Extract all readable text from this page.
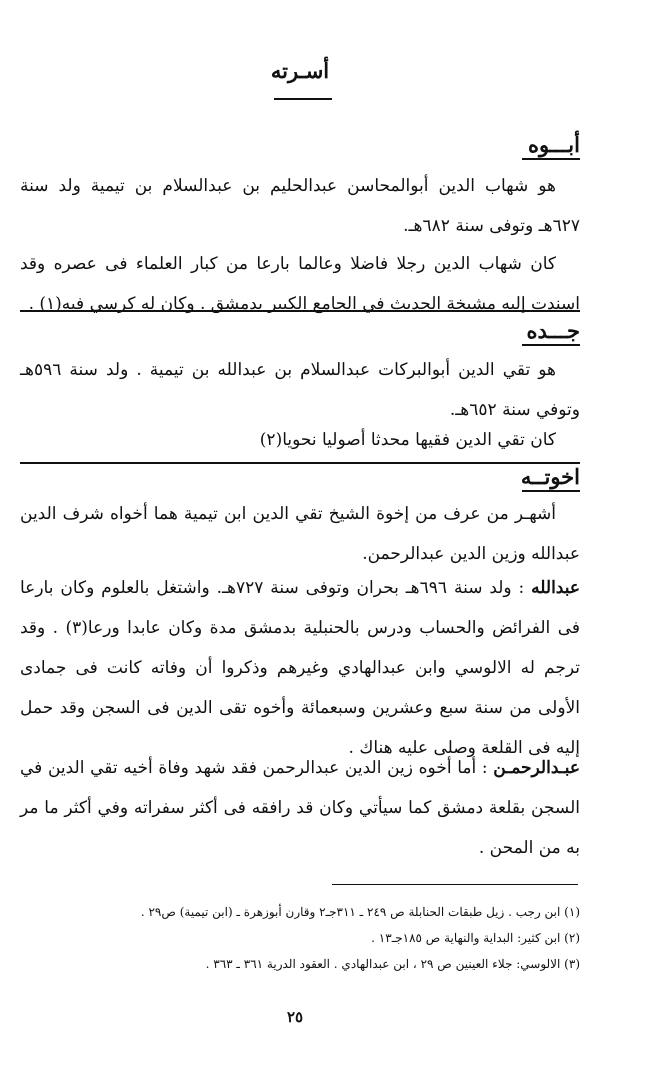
أسـرته
أبـــوه

هو شهاب الدين أبوالمحاسن عبدالحليم بن عبدالسلام بن تيمية ولد سنة ٦٢٧هـ وتوفى سنة ٦٨٢هـ.

كان شهاب الدين رجلا فاضلا وعالما بارعا من كبار العلماء فى عصره وقد اسندت إليه مشيخة الحديث في الجامع الكبير بدمشق . وكان له كرسي فيه(١) .

جـــده

هو تقي الدين أبوالبركات عبدالسلام بن عبدالله بن تيمية . ولد سنة ٥٩٦هـ وتوفي سنة ٦٥٢هـ.

كان تقي الدين فقيها محدثا أصوليا نحويا(٢)

اخوتــه

أشهـر من عرف من إخوة الشيخ تقي الدين ابن تيمية هما أخواه شرف الدين عبدالله وزين الدين عبدالرحمن.

عبدالله : ولد سنة ٦٩٦هـ بحران وتوفى سنة ٧٢٧هـ. واشتغل بالعلوم وكان بارعا فى الفرائض والحساب ودرس بالحنبلية بدمشق مدة وكان عابدا ورعا(٣) . وقد ترجم له الالوسي وابن عبدالهادي وغيرهم وذكروا أن وفاته كانت فى جمادى الأولى من سنة سبع وعشرين وسبعمائة وأخوه تقى الدين فى السجن وقد حمل إليه فى القلعة وصلى عليه هناك .

عبـدالرحمـن : أما أخوه زين الدين عبدالرحمن فقد شهد وفاة أخيه تقي الدين في السجن بقلعة دمشق كما سيأتي وكان قد رافقه فى أكثر سفراته وفي أكثر ما مر به من المحن .

(١) ابن رجب . زيل طبقات الحنابلة ص ٢٤٩ ـ ٣١١جـ٢ وقارن أبوزهرة ـ (ابن تيمية) ص٢٩ .

(٢) ابن كثير: البداية والنهاية ص ١٨٥جـ١٣ .

(٣) الالوسي: جلاء العينين ص ٢٩ ، ابن عبدالهادي . العقود الدرية ٣٦١ ـ ٣٦٣ .

٢٥
